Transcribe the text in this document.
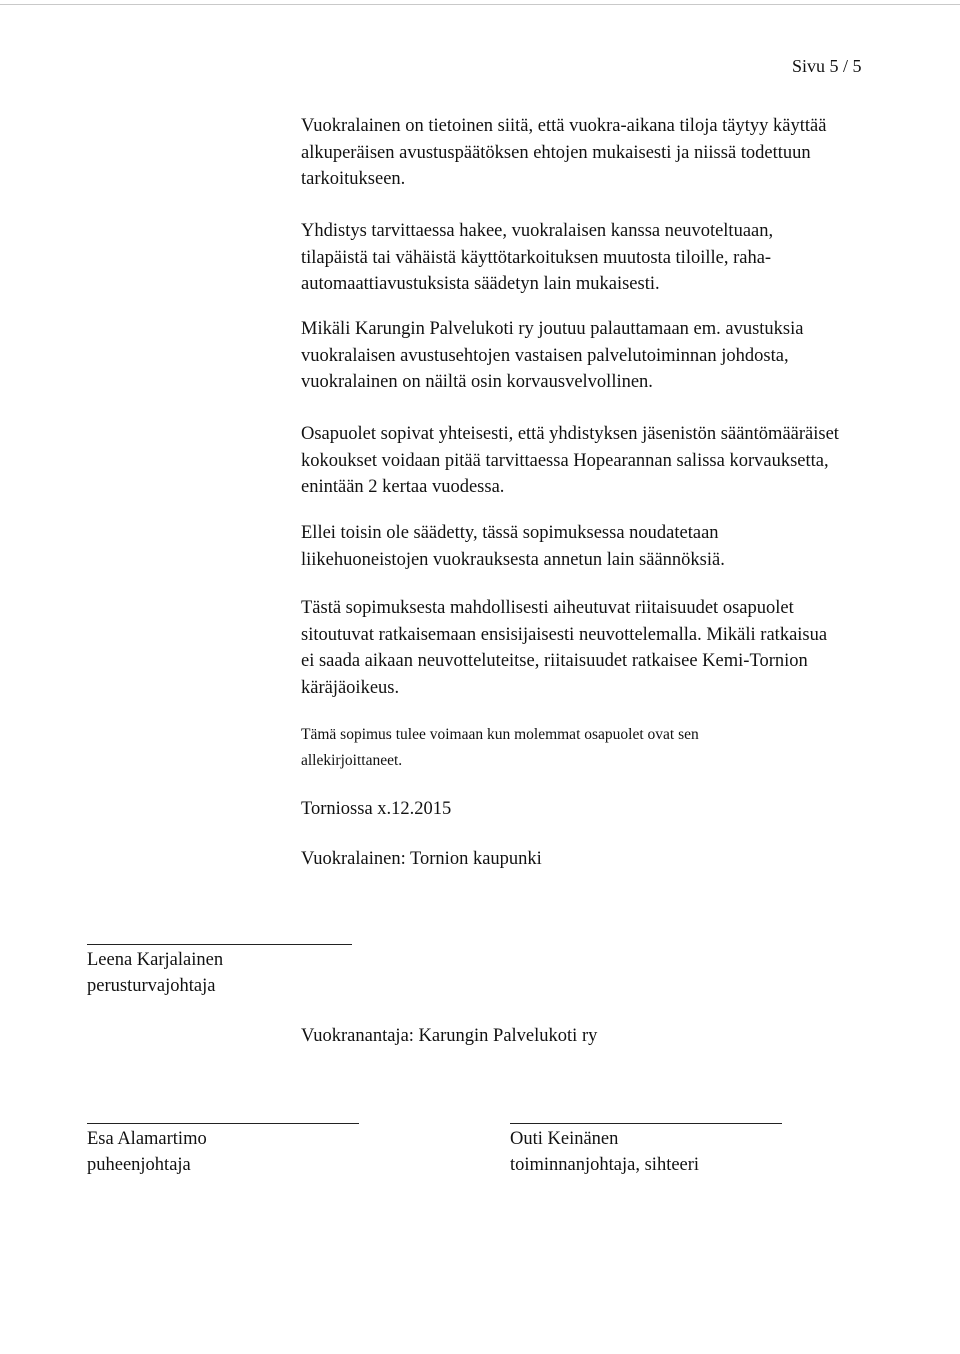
Sivu 5 / 5
Vuokralainen on tietoinen siitä, että vuokra-aikana tiloja täytyy käyttää
alkuperäisen avustuspäätöksen ehtojen mukaisesti ja niissä todettuun
tarkoitukseen.
Yhdistys tarvittaessa hakee, vuokralaisen kanssa neuvoteltuaan,
tilapäistä tai vähäistä käyttötarkoituksen muutosta tiloille, raha-
automaattiavustuksista säädetyn lain mukaisesti.
Mikäli Karungin Palvelukoti ry joutuu palauttamaan em. avustuksia
vuokralaisen avustusehtojen vastaisen palvelutoiminnan johdosta,
vuokralainen on näiltä osin korvausvelvollinen.
Osapuolet sopivat yhteisesti, että yhdistyksen jäsenistön sääntömääräiset
kokoukset voidaan pitää tarvittaessa Hopearannan salissa korvauksetta,
enintään 2 kertaa vuodessa.
Ellei toisin ole säädetty, tässä sopimuksessa noudatetaan
liikehuoneistojen vuokrauksesta annetun lain säännöksiä.
Tästä sopimuksesta mahdollisesti aiheutuvat riitaisuudet osapuolet
sitoutuvat ratkaisemaan ensisijaisesti neuvottelemalla. Mikäli ratkaisua
ei saada aikaan neuvotteluteitse, riitaisuudet ratkaisee Kemi-Tornion
käräjäoikeus.
Tämä sopimus tulee voimaan kun molemmat osapuolet ovat sen
allekirjoittaneet.
Torniossa x.12.2015
Vuokralainen: Tornion kaupunki
Leena Karjalainen
perusturvajohtaja
Vuokranantaja: Karungin Palvelukoti ry
Esa Alamartimo
puheenjohtaja
Outi Keinänen
toiminnanjohtaja, sihteeri
